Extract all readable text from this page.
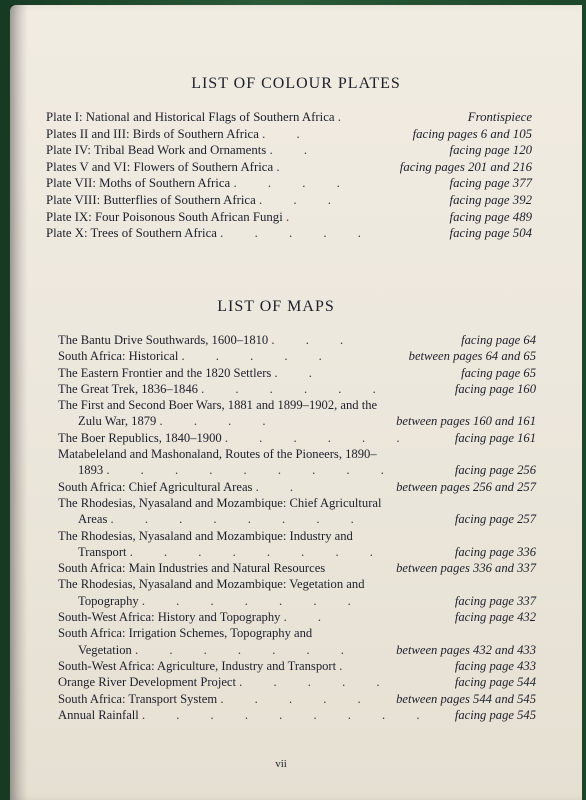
LIST OF COLOUR PLATES
Plate I: National and Historical Flags of Southern Africa .	Frontispiece
Plates II and III: Birds of Southern Africa . .	facing pages 6 and 105
Plate IV: Tribal Bead Work and Ornaments . .	facing page 120
Plates V and VI: Flowers of Southern Africa .	facing pages 201 and 216
Plate VII: Moths of Southern Africa . . . .	facing page 377
Plate VIII: Butterflies of Southern Africa . . .	facing page 392
Plate IX: Four Poisonous South African Fungi .	facing page 489
Plate X: Trees of Southern Africa . . . . .	facing page 504
LIST OF MAPS
The Bantu Drive Southwards, 1600–1810 . . .	facing page 64
South Africa: Historical . . . . .	between pages 64 and 65
The Eastern Frontier and the 1820 Settlers . .	facing page 65
The Great Trek, 1836–1846 . . . . . .	facing page 160
The First and Second Boer Wars, 1881 and 1899–1902, and the
Zulu War, 1879 . . . .	between pages 160 and 161
The Boer Republics, 1840–1900 . . . . . .	facing page 161
Matabeleland and Mashonaland, Routes of the Pioneers, 1890–
1893 . . . . . . . . .	facing page 256
South Africa: Chief Agricultural Areas . .	between pages 256 and 257
The Rhodesias, Nyasaland and Mozambique: Chief Agricultural
Areas . . . . . . . .	facing page 257
The Rhodesias, Nyasaland and Mozambique: Industry and
Transport . . . . . . . .	facing page 336
South Africa: Main Industries and Natural Resources	between pages 336 and 337
The Rhodesias, Nyasaland and Mozambique: Vegetation and
Topography . . . . . . .	facing page 337
South-West Africa: History and Topography . .	facing page 432
South Africa: Irrigation Schemes, Topography and
Vegetation . . . . . . .	between pages 432 and 433
South-West Africa: Agriculture, Industry and Transport .	facing page 433
Orange River Development Project . . . . .	facing page 544
South Africa: Transport System . . . . . between pages 544 and 545
Annual Rainfall . . . . . . . . . facing page 545
vii
